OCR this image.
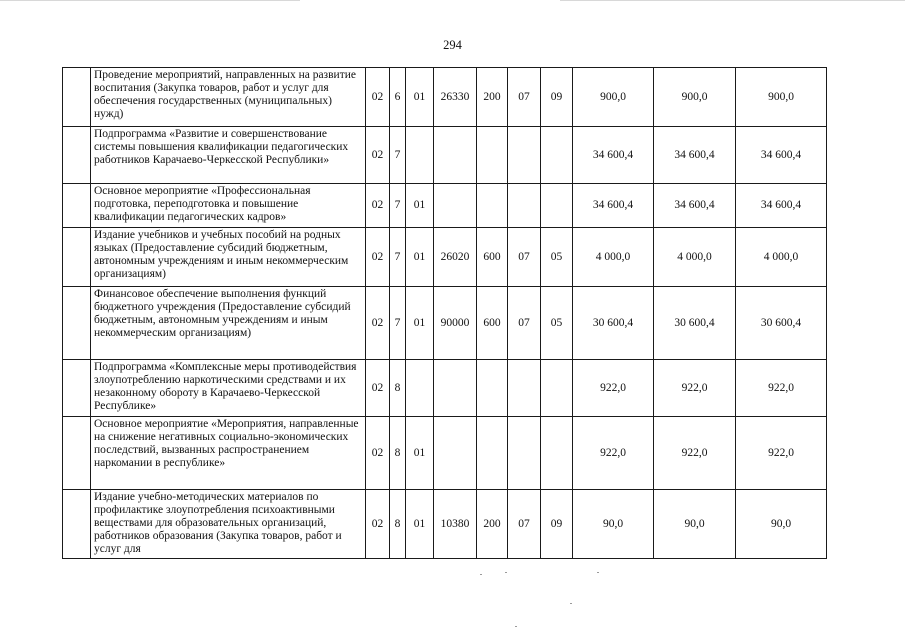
294
	Проведение мероприятий, направленных на развитие воспитания (Закупка товаров, работ и услуг для обеспечения государственных (муниципальных) нужд)	02	6	01	26330	200	07	09	900,0	900,0	900,0
	Подпрограмма «Развитие и совершенствование системы повышения квалификации педагогических работников Карачаево-Черкесской Республики»	02	7						34 600,4	34 600,4	34 600,4
	Основное мероприятие «Профессиональная подготовка, переподготовка и повышение квалификации педагогических кадров»	02	7	01					34 600,4	34 600,4	34 600,4
	Издание учебников и учебных пособий на родных языках (Предоставление субсидий бюджетным, автономным учреждениям и иным некоммерческим организациям)	02	7	01	26020	600	07	05	4 000,0	4 000,0	4 000,0
	Финансовое обеспечение выполнения функций бюджетного учреждения (Предоставление субсидий бюджетным, автономным учреждениям и иным некоммерческим организациям)	02	7	01	90000	600	07	05	30 600,4	30 600,4	30 600,4
	Подпрограмма «Комплексные меры противодействия злоупотреблению наркотическими средствами и их незаконному обороту в Карачаево-Черкесской Республике»	02	8						922,0	922,0	922,0
	Основное мероприятие «Мероприятия, направленные на снижение негативных социально-экономических последствий, вызванных распространением наркомании в республике»	02	8	01					922,0	922,0	922,0
	Издание учебно-методических материалов по профилактике злоупотребления психоактивными веществами для образовательных организаций, работников образования (Закупка товаров, работ и услуг для	02	8	01	10380	200	07	09	90,0	90,0	90,0
